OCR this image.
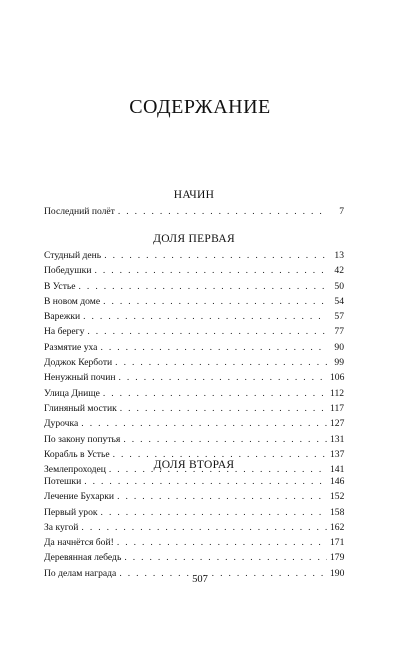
СОДЕРЖАНИЕ
НАЧИН
Последний полёт . . .	7
ДОЛЯ ПЕРВАЯ
Студный день . . .	13
Победушки . . .	42
В Устье . . .	50
В новом доме . . .	54
Варежки . . .	57
На берегу . . .	77
Размятие уха . . .	90
Доджок Керботи . . .	99
Ненужный почин . . .	106
Улица Днище . . .	112
Глиняный мостик . . .	117
Дурочка . . .	127
По закону попутья . . .	131
Корабль в Устье . . .	137
Землепроходец . . .	141
ДОЛЯ ВТОРАЯ
Потешки . . .	146
Лечение Бухарки . . .	152
Первый урок . . .	158
За кугой . . .	162
Да начнётся бой! . . .	171
Деревянная лебедь . . .	179
По делам награда . . .	190
507
